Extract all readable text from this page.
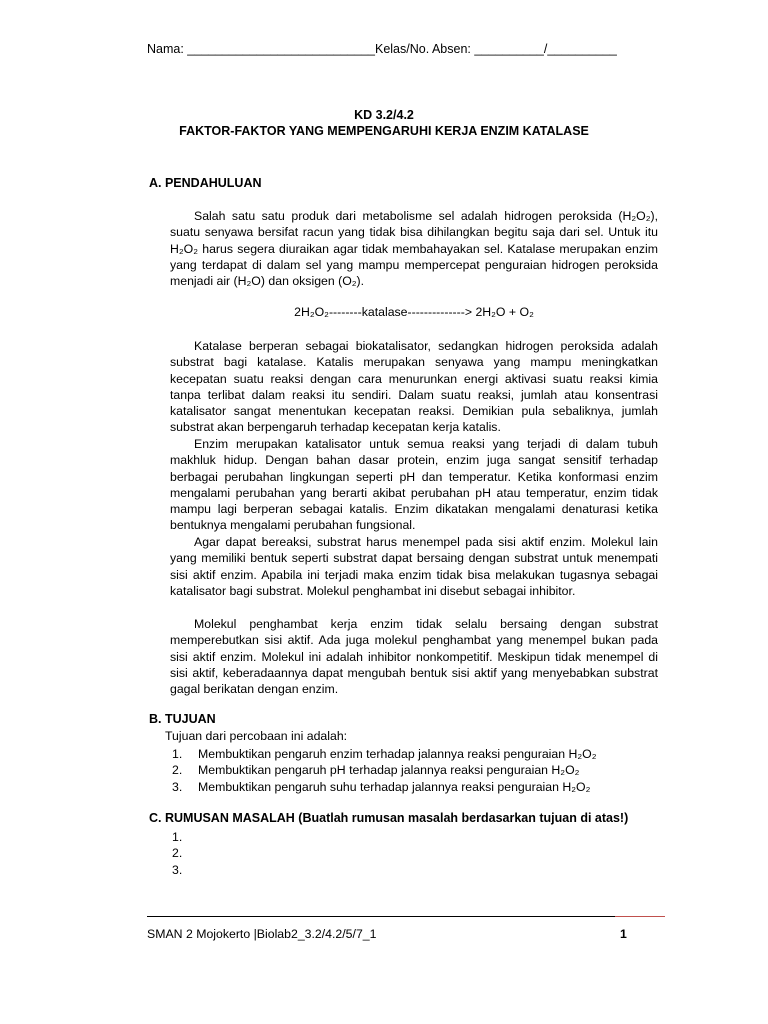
Nama: ___________________________Kelas/No. Absen: __________/__________
KD 3.2/4.2
FAKTOR-FAKTOR YANG MEMPENGARUHI KERJA ENZIM KATALASE
A. PENDAHULUAN

Salah satu satu produk dari metabolisme sel adalah hidrogen peroksida (H₂O₂), suatu senyawa bersifat racun yang tidak bisa dihilangkan begitu saja dari sel. Untuk itu H₂O₂ harus segera diuraikan agar tidak membahayakan sel. Katalase merupakan enzim yang terdapat di dalam sel yang mampu mempercepat penguraian hidrogen peroksida menjadi air (H₂O) dan oksigen (O₂).

2H₂O₂--------katalase--------------> 2H₂O + O₂

Katalase berperan sebagai biokatalisator, sedangkan hidrogen peroksida adalah substrat bagi katalase. Katalis merupakan senyawa yang mampu meningkatkan kecepatan suatu reaksi dengan cara menurunkan energi aktivasi suatu reaksi kimia tanpa terlibat dalam reaksi itu sendiri. Dalam suatu reaksi, jumlah atau konsentrasi katalisator sangat menentukan kecepatan reaksi. Demikian pula sebaliknya, jumlah substrat akan berpengaruh terhadap kecepatan kerja katalis.

Enzim merupakan katalisator untuk semua reaksi yang terjadi di dalam tubuh makhluk hidup. Dengan bahan dasar protein, enzim juga sangat sensitif terhadap berbagai perubahan lingkungan seperti pH dan temperatur. Ketika konformasi enzim mengalami perubahan yang berarti akibat perubahan pH atau temperatur, enzim tidak mampu lagi berperan sebagai katalis. Enzim dikatakan mengalami denaturasi ketika bentuknya mengalami perubahan fungsional.

Agar dapat bereaksi, substrat harus menempel pada sisi aktif enzim. Molekul lain yang memiliki bentuk seperti substrat dapat bersaing dengan substrat untuk menempati sisi aktif enzim. Apabila ini terjadi maka enzim tidak bisa melakukan tugasnya sebagai katalisator bagi substrat. Molekul penghambat ini disebut sebagai inhibitor.

Molekul penghambat kerja enzim tidak selalu bersaing dengan substrat memperebutkan sisi aktif. Ada juga molekul penghambat yang menempel bukan pada sisi aktif enzim. Molekul ini adalah inhibitor nonkompetitif. Meskipun tidak menempel di sisi aktif, keberadaannya dapat mengubah bentuk sisi aktif yang menyebabkan substrat gagal berikatan dengan enzim.

B. TUJUAN
Tujuan dari percobaan ini adalah:
1.	Membuktikan pengaruh enzim terhadap jalannya reaksi penguraian H₂O₂
2.	Membuktikan pengaruh pH terhadap jalannya reaksi penguraian H₂O₂
3.	Membuktikan pengaruh suhu terhadap jalannya reaksi penguraian H₂O₂
C. RUMUSAN MASALAH (Buatlah rumusan masalah berdasarkan tujuan di atas!)
1.
2.
3.
SMAN 2 Mojokerto |Biolab2_3.2/4.2/5/7_1	1
